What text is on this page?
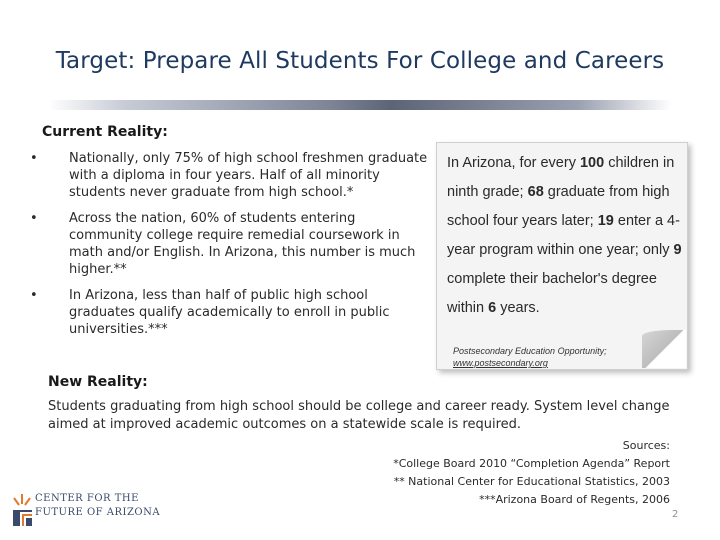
Target: Prepare All Students For College and Careers
Current Reality:
• Nationally, only 75% of high school freshmen graduate with a diploma in four years. Half of all minority students never graduate from high school.*
• Across the nation, 60% of students entering community college require remedial coursework in math and/or English. In Arizona, this number is much higher.**
• In Arizona, less than half of public high school graduates qualify academically to enroll in public universities.***
In Arizona, for every 100 children in ninth grade; 68 graduate from high school four years later; 19 enter a 4-year program within one year; only 9 complete their bachelor's degree within 6 years.
Postsecondary Education Opportunity;
www.postsecondary.org
New Reality:
Students graduating from high school should be college and career ready. System level change aimed at improved academic outcomes on a statewide scale is required.
Sources:
*College Board 2010 “Completion Agenda” Report
** National Center for Educational Statistics, 2003
***Arizona Board of Regents, 2006
2
CENTER FOR THE
FUTURE OF ARIZONA
